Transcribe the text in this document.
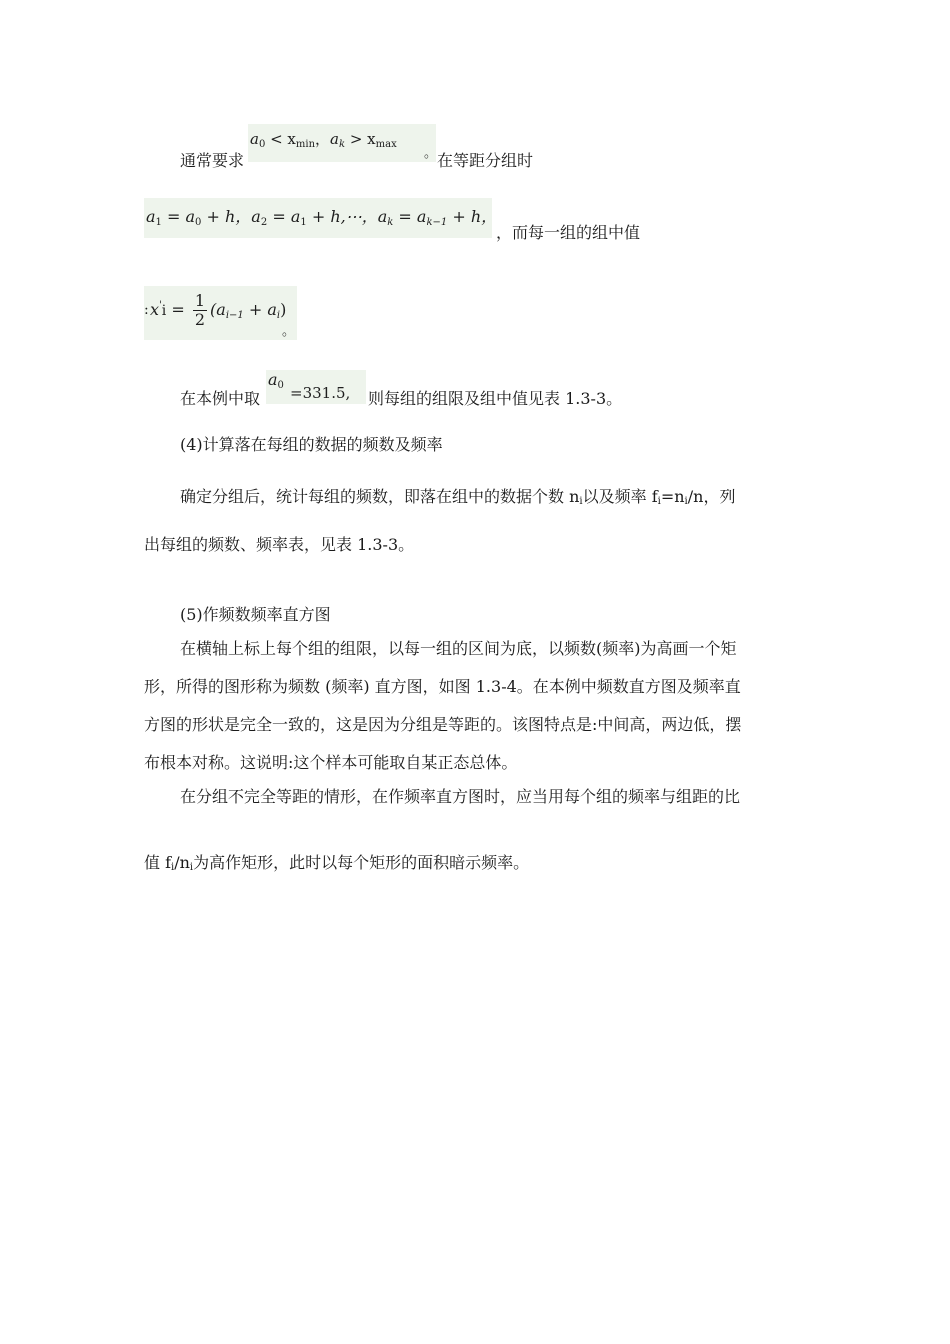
通常要求
$a_0 < x_{min}$，$a_k > x_{max}$
。 在等距分组时
$a_1 = a_0 + h$，$a_2 = a_1$ + h,⋯，$a_k = a_{k-1} + h$，
，而每一组的组中值
: $x'i = \frac{1}{2} (a_{i-1} + a_i)$
。
在本例中取
$a_0 =331.5$, 则每组的组限及组中值见表 1.3-3。
(4)计算落在每组的数据的频数及频率
确定分组后，统计每组的频数，即落在组中的数据个数 ni以及频率 fi=ni/n，列
出每组的频数、频率表，见表 1.3-3。
(5)作频数频率直方图
在横轴上标上每个组的组限，以每一组的区间为底，以频数(频率)为高画一个矩
形，所得的图形称为频数 (频率) 直方图，如图 1.3-4。在本例中频数直方图及频率直
方图的形状是完全一致的，这是因为分组是等距的。该图特点是:中间高，两边低，摆
布根本对称。这说明:这个样本可能取自某正态总体。
在分组不完全等距的情形，在作频率直方图时，应当用每个组的频率与组距的比
值 fi/ni为高作矩形，此时以每个矩形的面积暗示频率。
